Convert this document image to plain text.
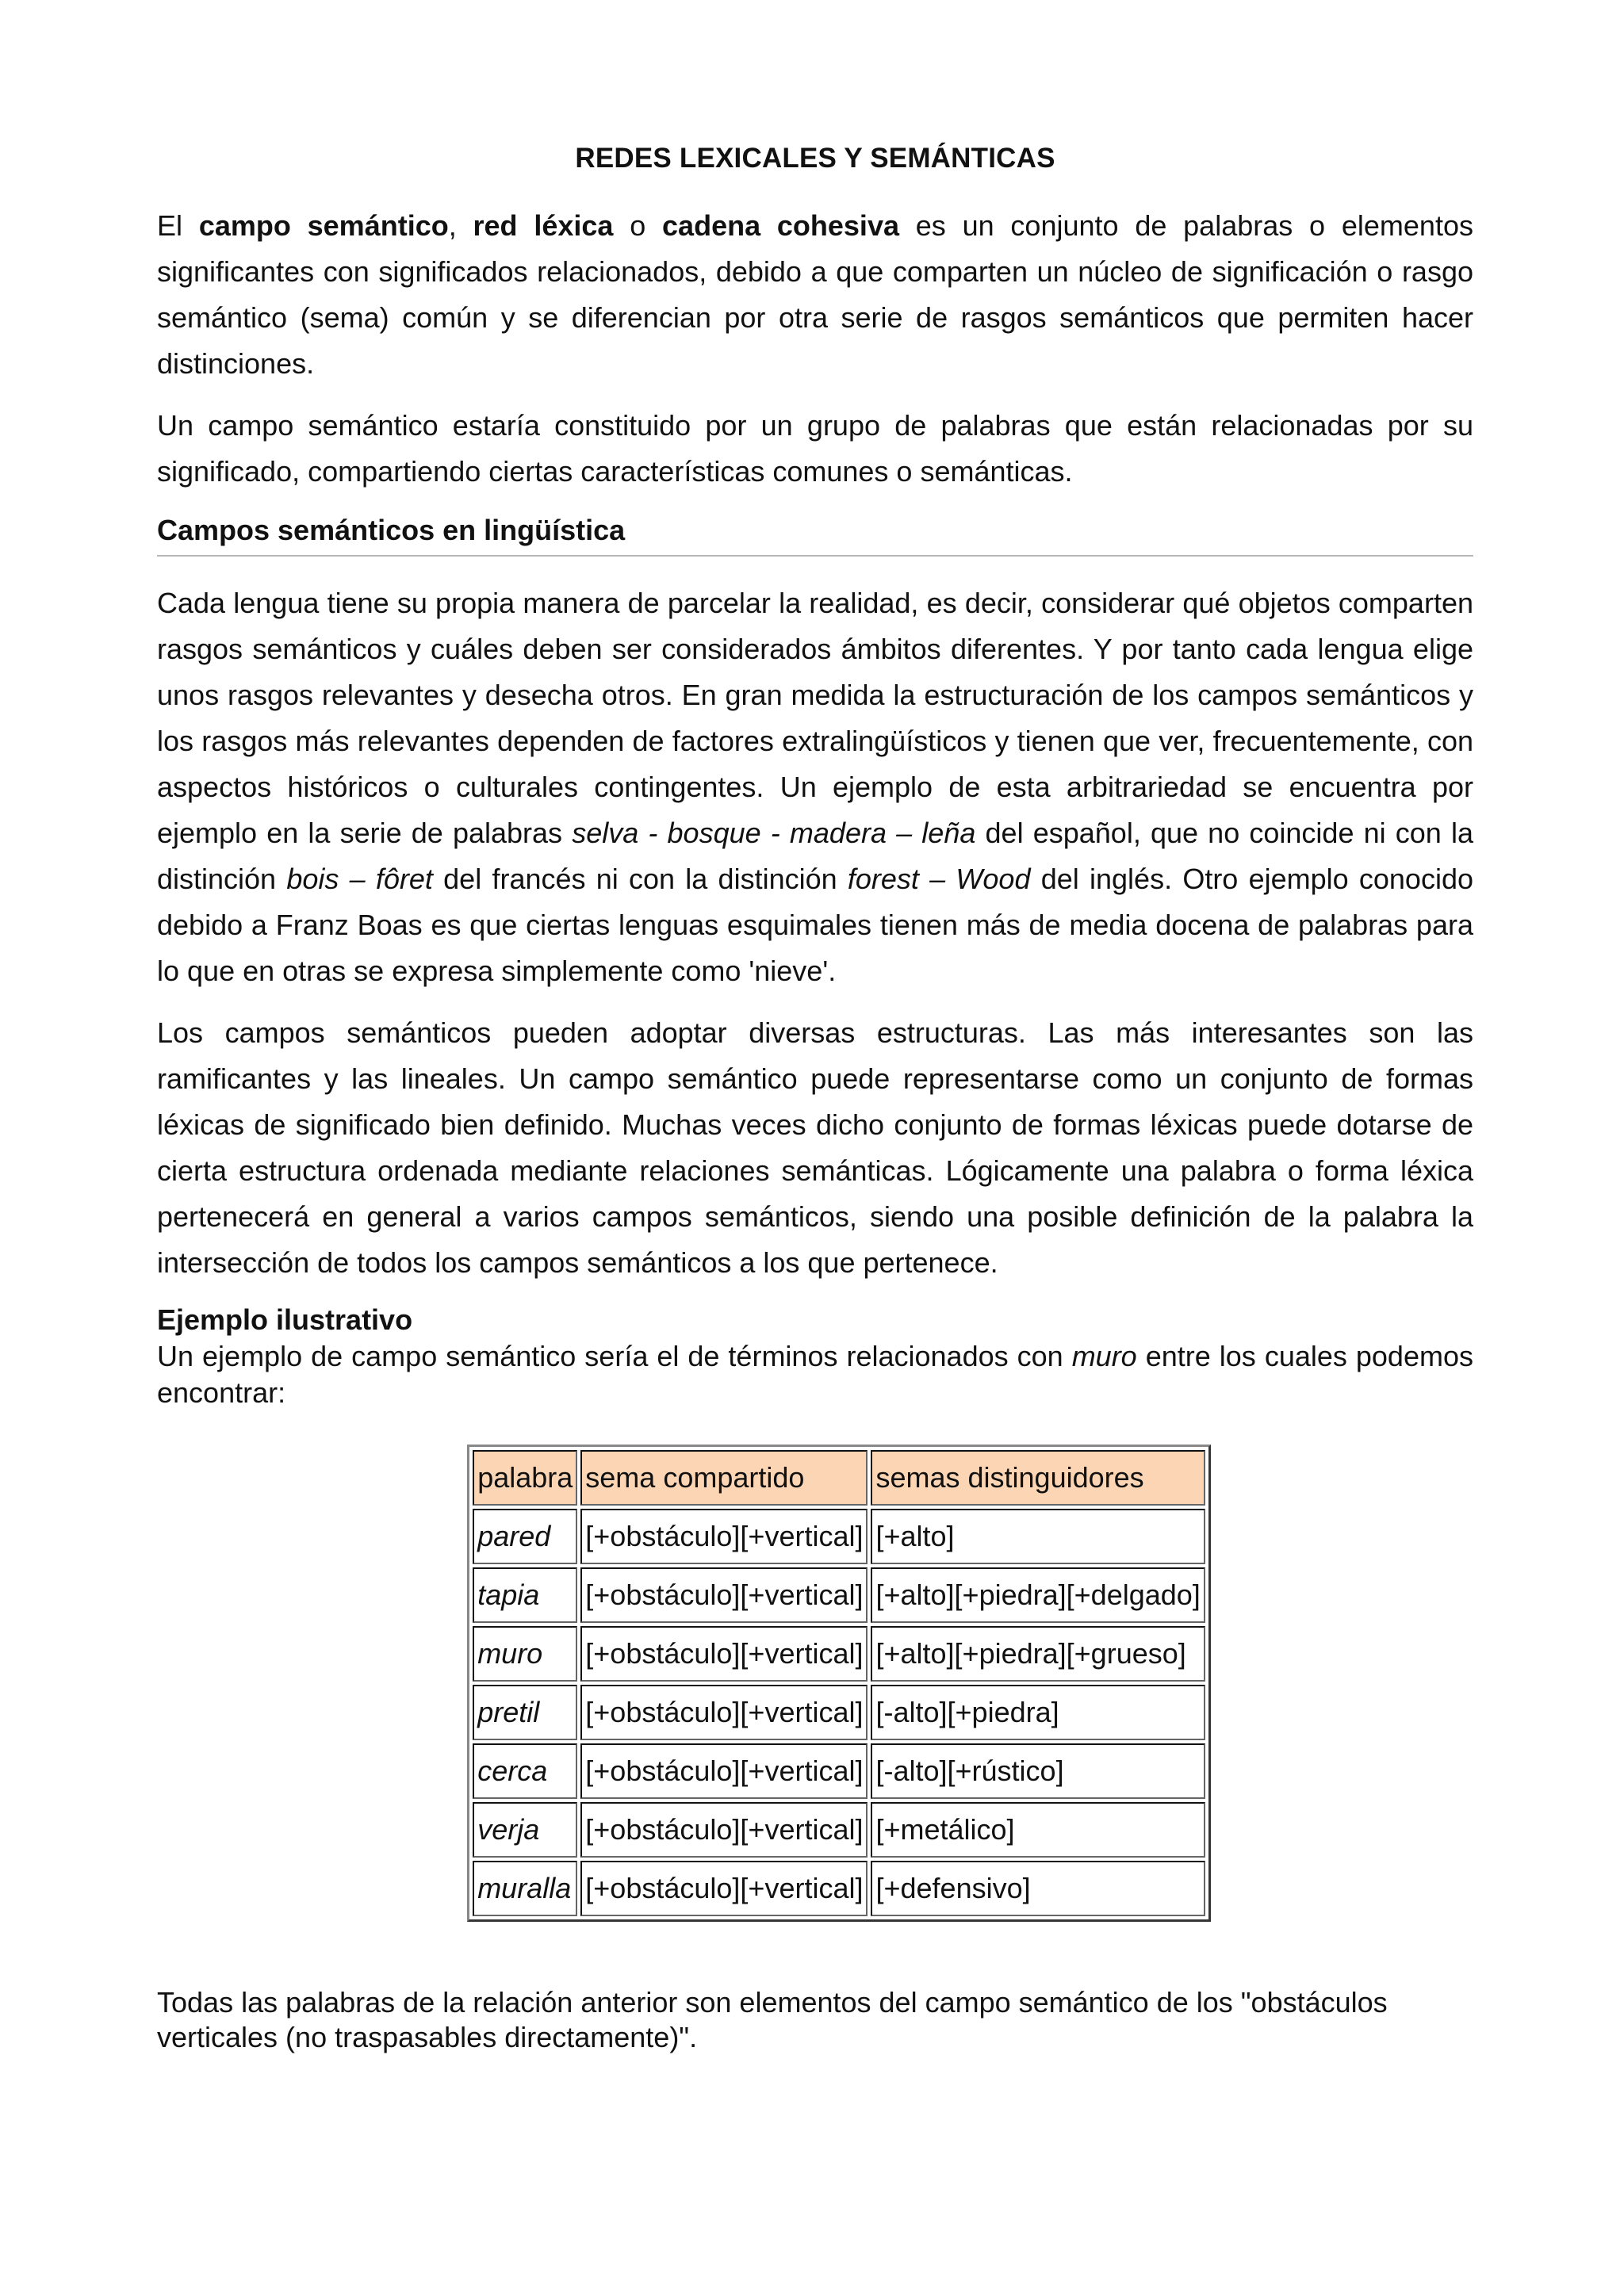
REDES LEXICALES Y SEMÁNTICAS

El campo semántico, red léxica o cadena cohesiva es un conjunto de palabras o elementos significantes con significados relacionados, debido a que comparten un núcleo de significación o rasgo semántico (sema) común y se diferencian por otra serie de rasgos semánticos que permiten hacer distinciones.

Un campo semántico estaría constituido por un grupo de palabras que están relacionadas por su significado, compartiendo ciertas características comunes o semánticas.

Campos semánticos en lingüística

Cada lengua tiene su propia manera de parcelar la realidad, es decir, considerar qué objetos comparten rasgos semánticos y cuáles deben ser considerados ámbitos diferentes. Y por tanto cada lengua elige unos rasgos relevantes y desecha otros. En gran medida la estructuración de los campos semánticos y los rasgos más relevantes dependen de factores extralingüísticos y tienen que ver, frecuentemente, con aspectos históricos o culturales contingentes. Un ejemplo de esta arbitrariedad se encuentra por ejemplo en la serie de palabras selva - bosque - madera – leña del español, que no coincide ni con la distinción bois – fôret del francés ni con la distinción forest – Wood del inglés. Otro ejemplo conocido debido a Franz Boas es que ciertas lenguas esquimales tienen más de media docena de palabras para lo que en otras se expresa simplemente como 'nieve'.

Los campos semánticos pueden adoptar diversas estructuras. Las más interesantes son las ramificantes y las lineales. Un campo semántico puede representarse como un conjunto de formas léxicas de significado bien definido. Muchas veces dicho conjunto de formas léxicas puede dotarse de cierta estructura ordenada mediante relaciones semánticas. Lógicamente una palabra o forma léxica pertenecerá en general a varios campos semánticos, siendo una posible definición de la palabra la intersección de todos los campos semánticos a los que pertenece.

Ejemplo ilustrativo

Un ejemplo de campo semántico sería el de términos relacionados con muro entre los cuales podemos encontrar:

palabra	sema compartido	semas distinguidores
pared	[+obstáculo][+vertical]	[+alto]
tapia	[+obstáculo][+vertical]	[+alto][+piedra][+delgado]
muro	[+obstáculo][+vertical]	[+alto][+piedra][+grueso]
pretil	[+obstáculo][+vertical]	[-alto][+piedra]
cerca	[+obstáculo][+vertical]	[-alto][+rústico]
verja	[+obstáculo][+vertical]	[+metálico]
muralla	[+obstáculo][+vertical]	[+defensivo]

Todas las palabras de la relación anterior son elementos del campo semántico de los "obstáculos verticales (no traspasables directamente)".
